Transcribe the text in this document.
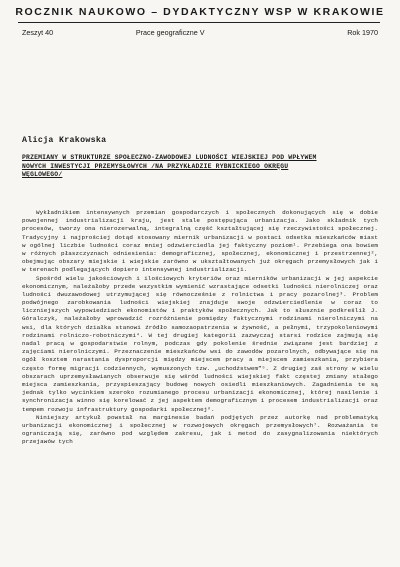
ROCZNIK NAUKOWO – DYDAKTYCZNY WSP W KRAKOWIE
Zeszyt 40	Prace geograficzne V	Rok 1970
Alicja Krakowska
PRZEMIANY W STRUKTURZE SPOŁECZNO-ZAWODOWEJ LUDNOŚCI WIEJSKIEJ POD WPŁYWEM NOWYCH INWESTYCJI PRZEMYSŁOWYCH /NA PRZYKŁADZIE RYBNICKIEGO OKRĘGU WĘGLOWEGO/

Wykładnikiem intensywnych przemian gospodarczych i społecznych dokonujących się w dobie powojennej industrializacji kraju, jest stale postępująca urbanizacja. Jako składnik tych procesów, tworzy ona nierozerwalną, integralną część kształtującej się rzeczywistości społecznej. Tradycyjny i najprościej dotąd stosowany miernik urbanizacji w postaci odsetka mieszkańców miast w ogólnej liczbie ludności coraz mniej odzwierciedla jej faktyczny poziom¹. Przebiega ona bowiem w różnych płaszczyznach odniesienia: demograficznej, społecznej, ekonomicznej i przestrzennej², obejmując obszary miejskie i wiejskie zarówno w ukształtowanych już okręgach przemysłowych jak i w terenach podlegających dopiero intensywnej industrializacji.

Spośród wielu jakościowych i ilościowych kryteriów oraz mierników urbanizacji w jej aspekcie ekonomicznym, należałoby przede wszystkim wymienić wzrastające odsetki ludności nierolniczej oraz ludności dwuzawodowej utrzymującej się równocześnie z rolnictwa i pracy pozarolnej³. Problem podwójnego zarobkowania ludności wiejskiej znajduje swoje odzwierciedlenie w coraz to liczniejszych wypowiedziach ekonomistów i praktyków społecznych. Jak to słusznie podkreślił J. Góralczyk, należałoby wprowadzić rozróżnienie pomiędzy faktycznymi rodzinami nierolniczymi na wsi, dla których działka stanowi źródło samozaopatrzenia w żywność, a pełnymi, trzypokoleniowymi rodzinami rolniczo-robotniczymi⁴. W tej drugiej kategorii zazwyczaj starsi rodzice zajmują się nadal pracą w gospodarstwie rolnym, podczas gdy pokolenie średnie związane jest bardziej z zajęciami nierolniczymi. Przeznaczenie mieszkańców wsi do zawodów pozarolnych, odbywające się na ogół kosztem narastania dysproporcji między miejscem pracy a miejscem zamieszkania, przybiera często formę migracji codziennych, wymuszonych tzw. „uchodźstwem”⁵. Z drugiej zaś strony w wielu obszarach uprzemysławianych obserwuje się wśród ludności wiejskiej fakt częstej zmiany stałego miejsca zamieszkania, przyspieszający budowę nowych osiedli mieszkaniowych. Zagadnienia te są jednak tylko wycinkiem szeroko rozumianego procesu urbanizacji ekonomicznej, której nasilenie i synchronizacja winno się korelować z jej aspektem demograficznym i procesem industrializacji oraz tempem rozwoju infrastruktury gospodarki społecznej⁶.

Niniejszy artykuł powstał na marginesie badań podjętych przez autorkę nad problematyką urbanizacji ekonomicznej i społecznej w rozwojowych okręgach przemysłowych⁷. Rozważania te ograniczają się, zarówno pod względem zakresu, jak i metod do zasygnalizowania niektórych przejawów tych
